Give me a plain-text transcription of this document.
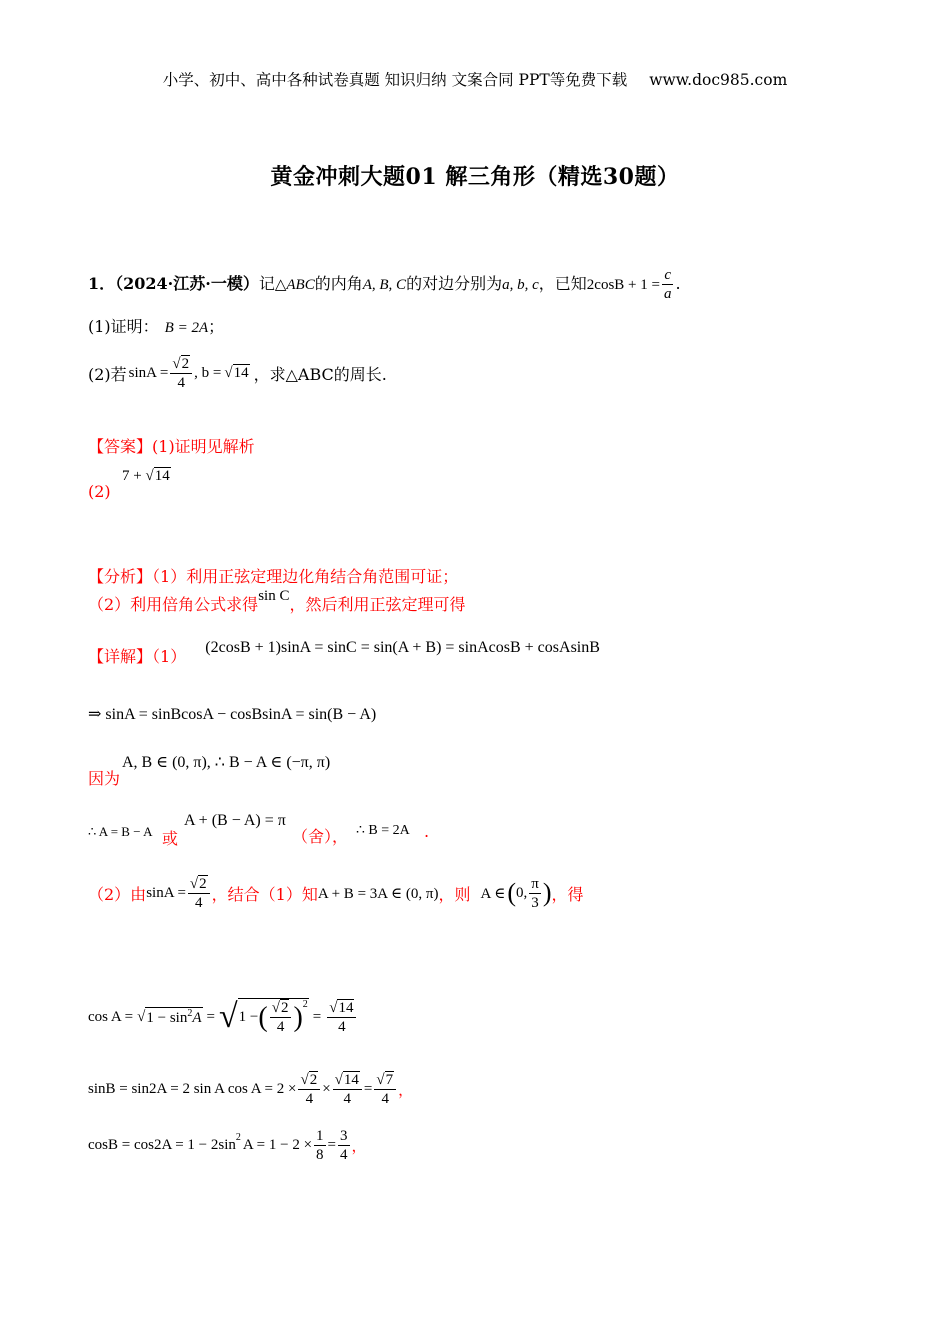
小学、初中、高中各种试卷真题 知识归纳 文案合同 PPT等免费下载 www.doc985.com
黄金冲刺大题01 解三角形（精选30题）
1．（2024·江苏·一模）记△ABC的内角A, B, C的对边分别为a, b, c，已知$2\cos B + 1 = \frac{c}{a}$ .
(1)证明： B = 2A；
(2)若 $\sin A = \frac{√2}{4}$ , b = √14 ，求△ABC的周长.
【答案】(1)证明见解析
(2)
7 + √14
【分析】（1）利用正弦定理边化角结合角范围可证；
（2）利用倍角公式求得sin C，然后利用正弦定理可得
【详解】（1） (2cosB + 1)sinA = sinC = sin(A + B) = sinAcosB + cosAsinB
⇒ sinA = sinBcosA − cosBsinA = sin(B − A)
因为
A, B ∈ (0, π), ∴ B − A ∈ (−π, π)
∴ A = B − A 或
A + (B − A) = π
（舍）， ∴ B = 2A .
（2）由 $\sin A = \frac{√2}{4}$ ，结合（1）知 A + B = 3A ∈ (0, π) ，则 A ∈ ( 0, $\frac{\pi}{3}$ ) ，得
cos A = √ $1 - \sin^2A$ = √ 1 − ( √2
4 )$^2$
= $\frac{√14}{4}$
sinB = sin2A = 2 sin A $\cos A = 2 \times \frac{√2}{4} \times \frac{√14}{4} = \frac{√7}{4}$ ，
$\cos B = \cos 2A = 1 - 2\sin^2$ $A = 1 - 2 \times \frac{1}{8} = \frac{3}{4}$ ，
